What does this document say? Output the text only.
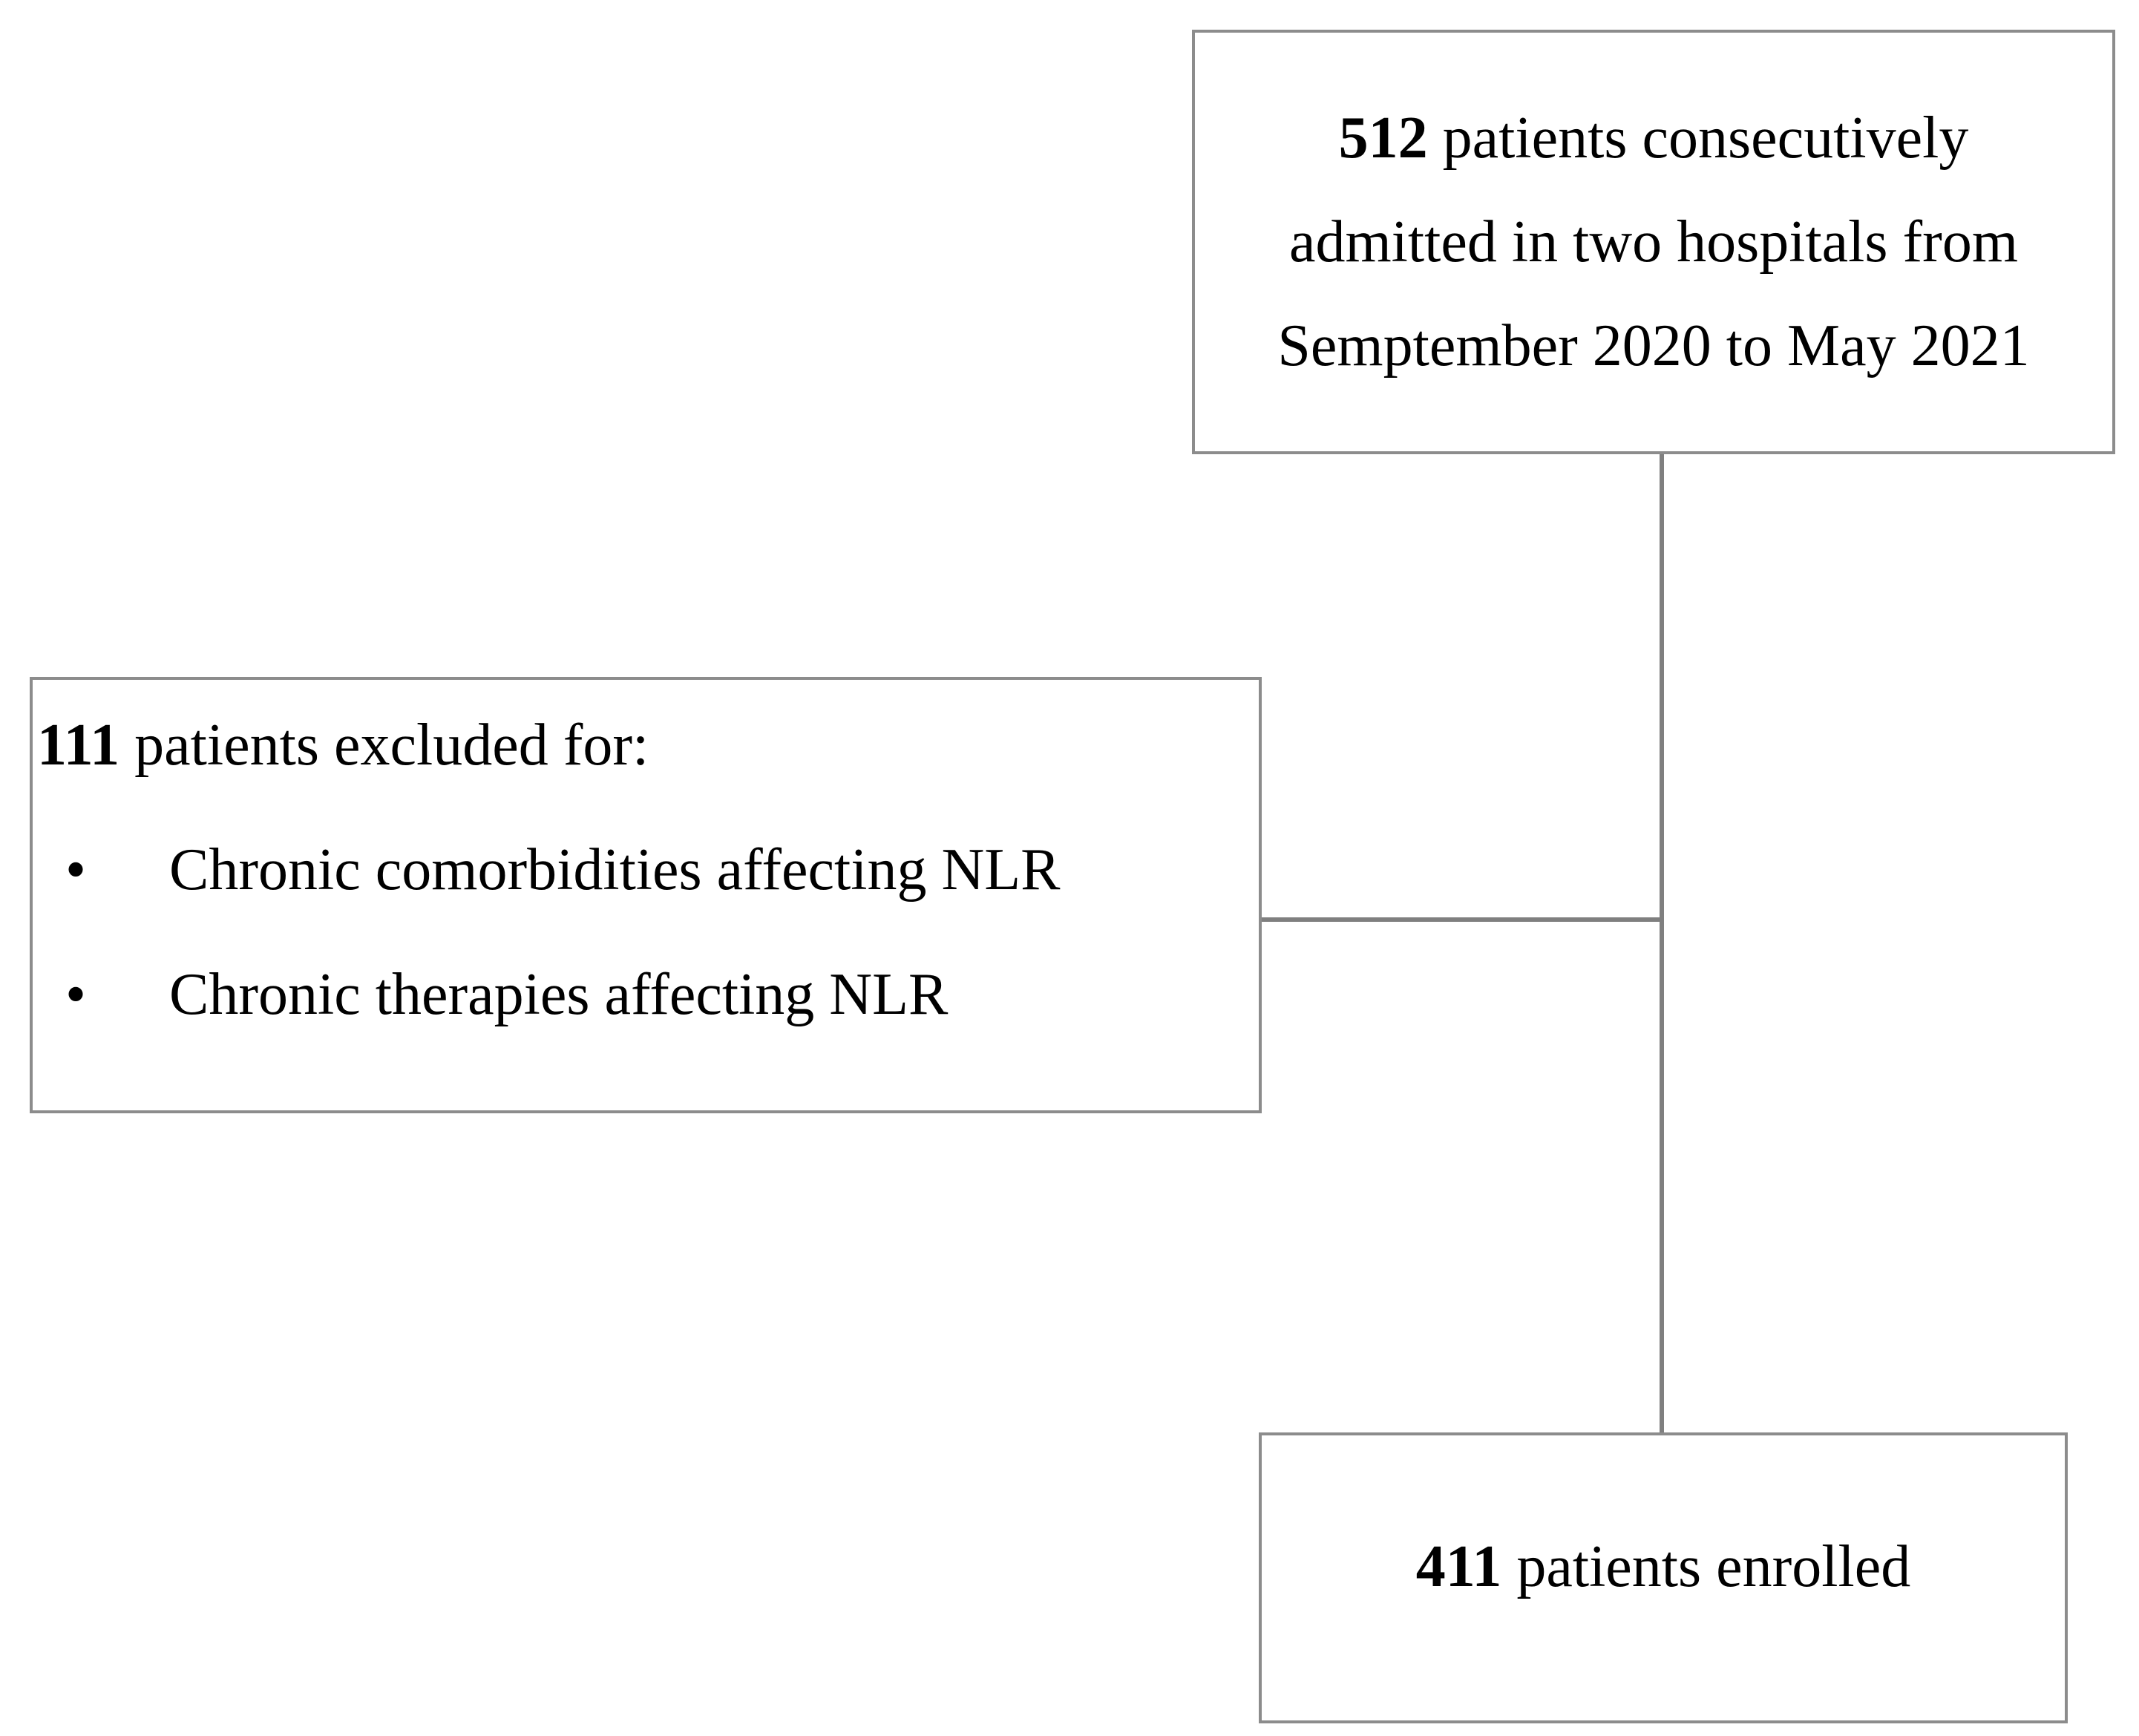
512 patients consecutively
admitted in two hospitals from
Semptember 2020 to May 2021
111 patients excluded for:
•	Chronic comorbidities affecting NLR
•	Chronic therapies affecting NLR
411 patients enrolled
